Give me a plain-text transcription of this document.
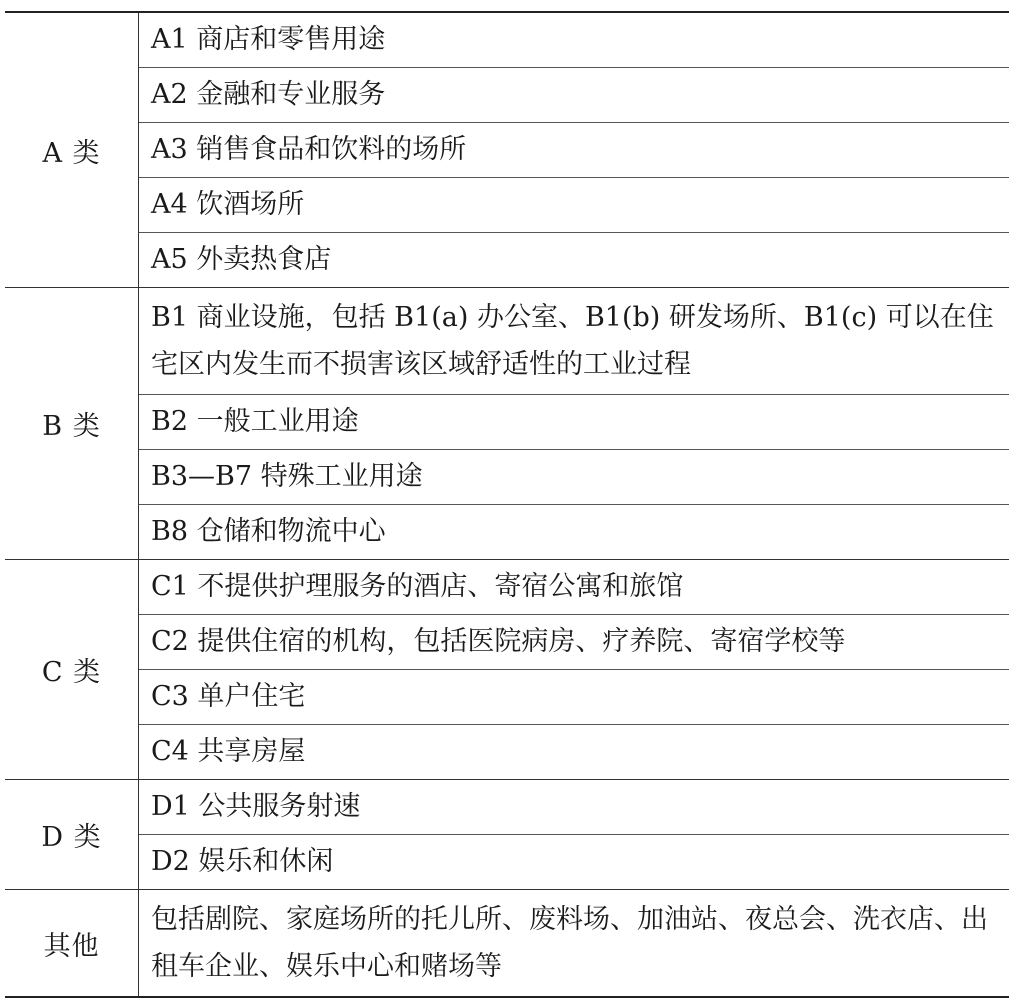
A 类	A1 商店和零售用途
	A2 金融和专业服务
	A3 销售食品和饮料的场所
	A4 饮酒场所
	A5 外卖热食店
B 类	B1 商业设施，包括 B1(a) 办公室、B1(b) 研发场所、B1(c) 可以在住宅区内发生而不损害该区域舒适性的工业过程
	B2 一般工业用途
	B3—B7 特殊工业用途
	B8 仓储和物流中心
C 类	C1 不提供护理服务的酒店、寄宿公寓和旅馆
	C2 提供住宿的机构，包括医院病房、疗养院、寄宿学校等
	C3 单户住宅
	C4 共享房屋
D 类	D1 公共服务射速
	D2 娱乐和休闲
其他	包括剧院、家庭场所的托儿所、废料场、加油站、夜总会、洗衣店、出租车企业、娱乐中心和赌场等
